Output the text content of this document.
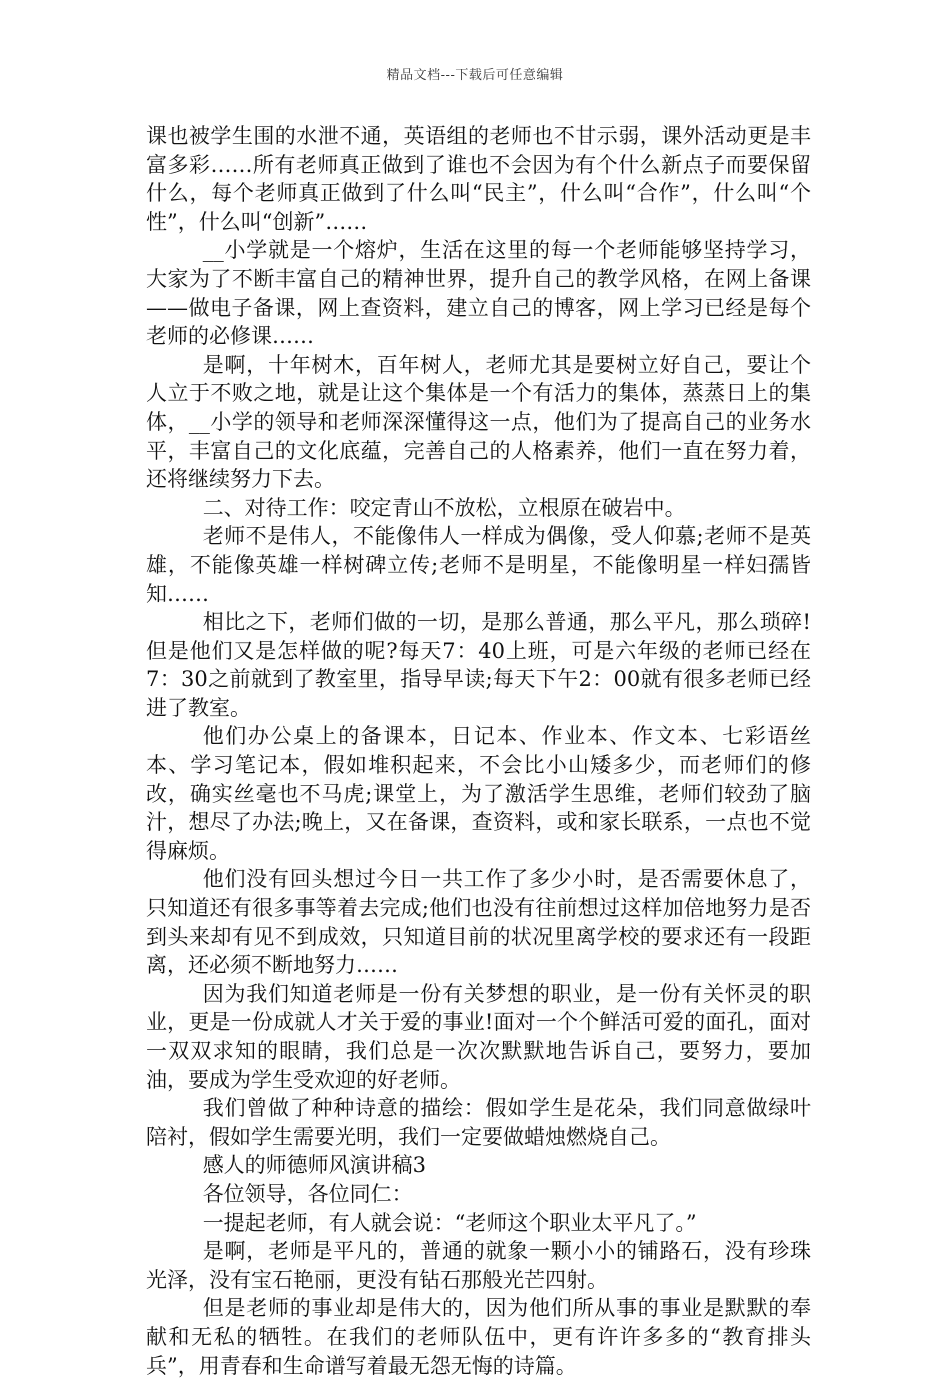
精品文档---下载后可任意编辑

课也被学生围的水泄不通，英语组的老师也不甘示弱，课外活动更是丰富多彩……所有老师真正做到了谁也不会因为有个什么新点子而要保留什么，每个老师真正做到了什么叫“民主”，什么叫“合作”，什么叫“个性”，什么叫“创新”……

__小学就是一个熔炉，生活在这里的每一个老师能够坚持学习，大家为了不断丰富自己的精神世界，提升自己的教学风格，在网上备课——做电子备课，网上查资料，建立自己的博客，网上学习已经是每个老师的必修课……

是啊，十年树木，百年树人，老师尤其是要树立好自己，要让个人立于不败之地，就是让这个集体是一个有活力的集体，蒸蒸日上的集体，__小学的领导和老师深深懂得这一点，他们为了提高自己的业务水平，丰富自己的文化底蕴，完善自己的人格素养，他们一直在努力着，还将继续努力下去。

二、对待工作：咬定青山不放松，立根原在破岩中。

老师不是伟人，不能像伟人一样成为偶像，受人仰慕;老师不是英雄，不能像英雄一样树碑立传;老师不是明星，不能像明星一样妇孺皆知……

相比之下，老师们做的一切，是那么普通，那么平凡，那么琐碎!但是他们又是怎样做的呢?每天7：40上班，可是六年级的老师已经在7：30之前就到了教室里，指导早读;每天下午2：00就有很多老师已经进了教室。

他们办公桌上的备课本，日记本、作业本、作文本、七彩语丝本、学习笔记本，假如堆积起来，不会比小山矮多少，而老师们的修改，确实丝毫也不马虎;课堂上，为了激活学生思维，老师们较劲了脑汁，想尽了办法;晚上，又在备课，查资料，或和家长联系，一点也不觉得麻烦。

他们没有回头想过今日一共工作了多少小时，是否需要休息了，只知道还有很多事等着去完成;他们也没有往前想过这样加倍地努力是否到头来却有见不到成效，只知道目前的状况里离学校的要求还有一段距离，还必须不断地努力……

因为我们知道老师是一份有关梦想的职业，是一份有关怀灵的职业，更是一份成就人才关于爱的事业!面对一个个鲜活可爱的面孔，面对一双双求知的眼睛，我们总是一次次默默地告诉自己，要努力，要加油，要成为学生受欢迎的好老师。

我们曾做了种种诗意的描绘：假如学生是花朵，我们同意做绿叶陪衬，假如学生需要光明，我们一定要做蜡烛燃烧自己。

感人的师德师风演讲稿3

各位领导，各位同仁：

一提起老师，有人就会说：“老师这个职业太平凡了。”

是啊，老师是平凡的，普通的就象一颗小小的铺路石，没有珍珠光泽，没有宝石艳丽，更没有钻石那般光芒四射。

但是老师的事业却是伟大的，因为他们所从事的事业是默默的奉献和无私的牺牲。在我们的老师队伍中，更有许许多多的“教育排头兵”，用青春和生命谱写着最无怨无悔的诗篇。
